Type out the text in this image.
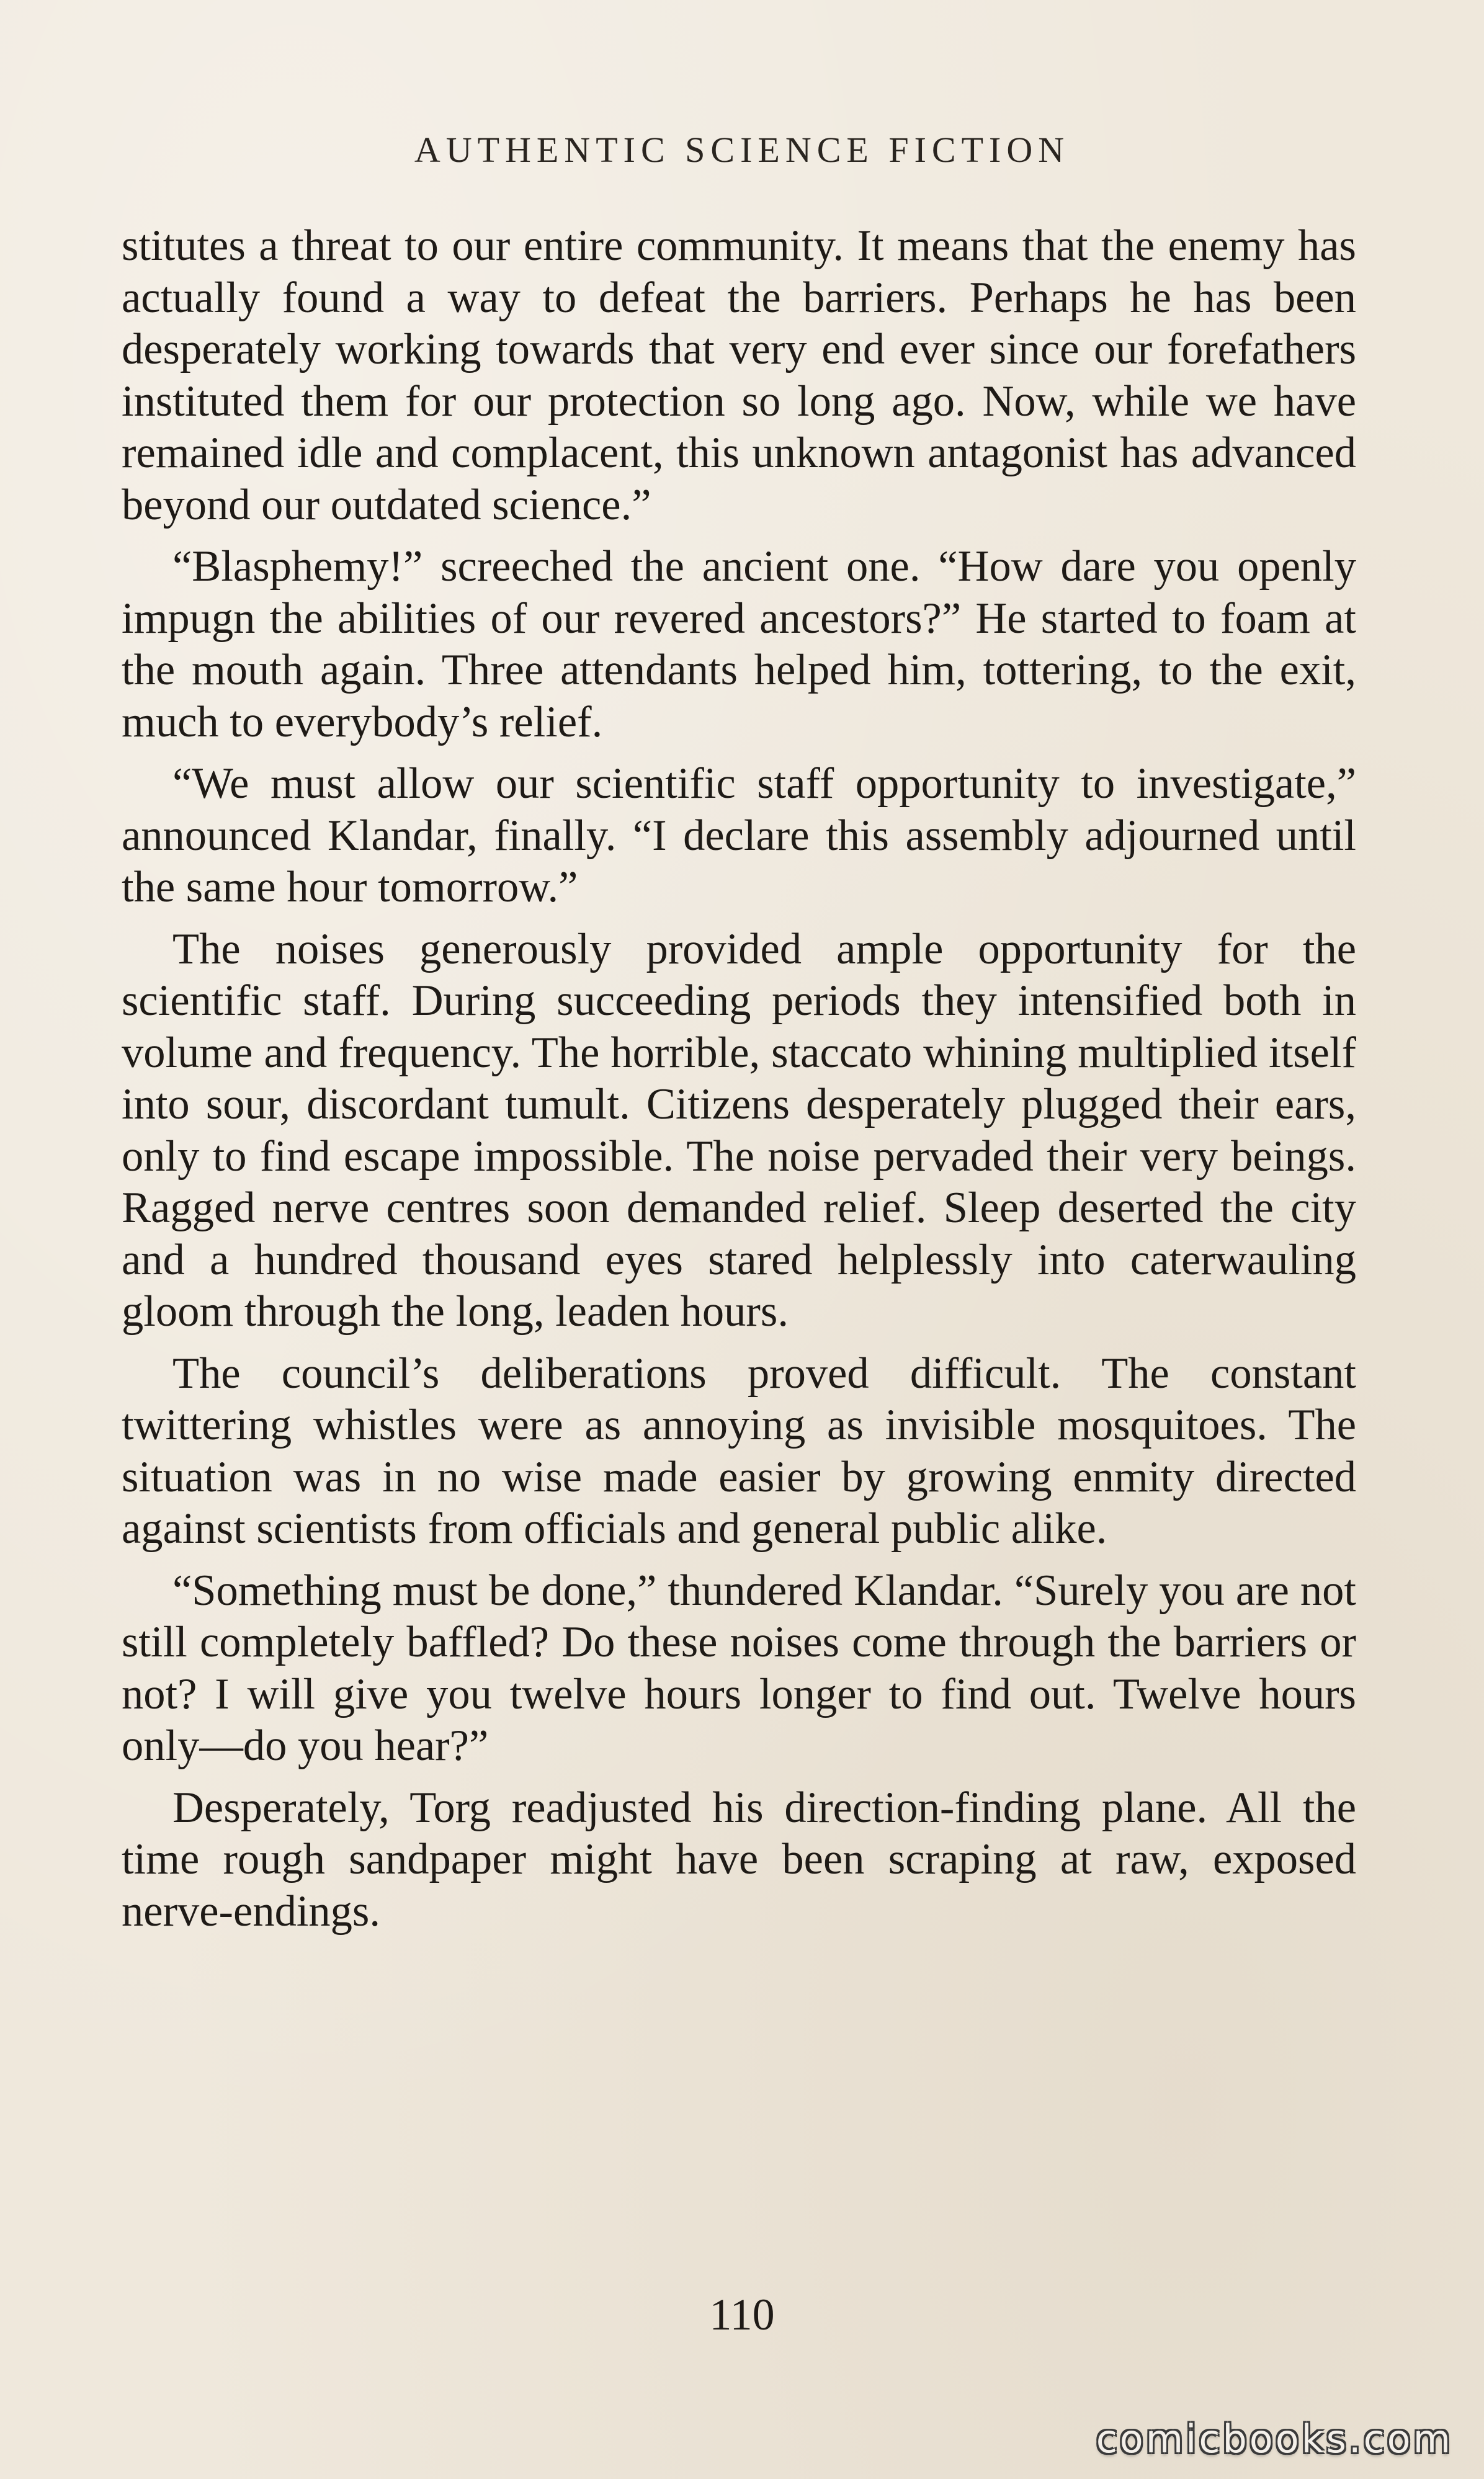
AUTHENTIC SCIENCE FICTION

stitutes a threat to our entire community. It means that the enemy has actually found a way to defeat the barriers. Perhaps he has been desperately working towards that very end ever since our forefathers instituted them for our protection so long ago. Now, while we have remained idle and complacent, this unknown antagonist has advanced beyond our outdated science.”

“Blasphemy!” screeched the ancient one. “How dare you openly impugn the abilities of our revered ancestors?” He started to foam at the mouth again. Three attendants helped him, tottering, to the exit, much to everybody’s relief.

“We must allow our scientific staff opportunity to investigate,” announced Klandar, finally. “I declare this assembly adjourned until the same hour tomorrow.”

The noises generously provided ample opportunity for the scientific staff. During succeeding periods they intensified both in volume and frequency. The horrible, staccato whining multiplied itself into sour, discordant tumult. Citizens desperately plugged their ears, only to find escape impossible. The noise pervaded their very beings. Ragged nerve centres soon demanded relief. Sleep deserted the city and a hundred thousand eyes stared helplessly into caterwauling gloom through the long, leaden hours.

The council’s deliberations proved difficult. The constant twittering whistles were as annoying as invisible mosquitoes. The situation was in no wise made easier by growing enmity directed against scientists from officials and general public alike.

“Something must be done,” thundered Klandar. “Surely you are not still completely baffled? Do these noises come through the barriers or not? I will give you twelve hours longer to find out. Twelve hours only—do you hear?”

Desperately, Torg readjusted his direction-finding plane. All the time rough sandpaper might have been scraping at raw, exposed nerve-endings.

110
comicbooks.com
